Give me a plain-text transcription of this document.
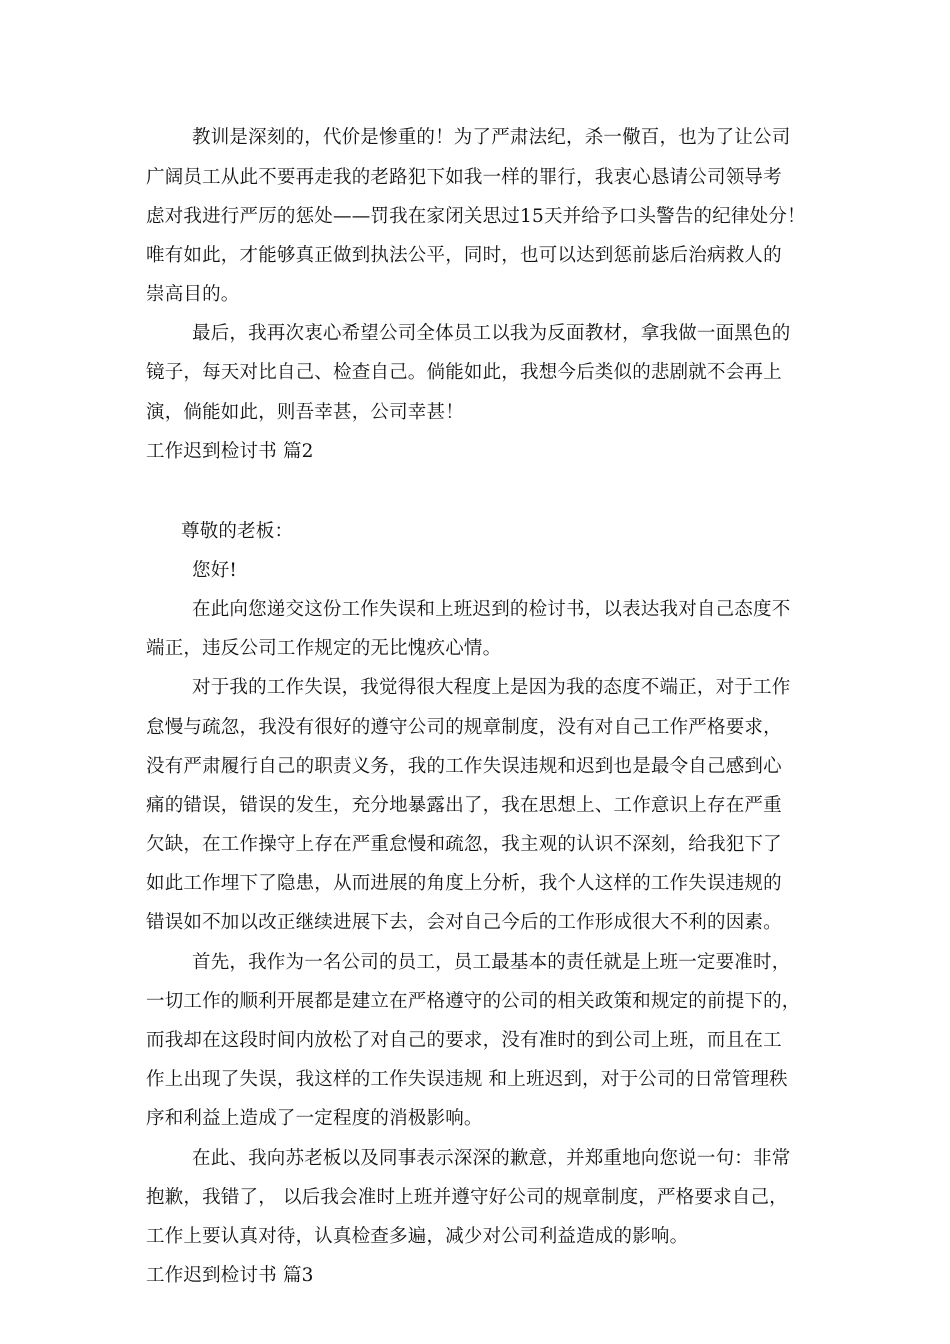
教训是深刻的，代价是惨重的！为了严肃法纪，杀一儆百，也为了让公司
广阔员工从此不要再走我的老路犯下如我一样的罪行，我衷心恳请公司领导考
虑对我进行严厉的惩处——罚我在家闭关思过15天并给予口头警告的纪律处分！
唯有如此，才能够真正做到执法公平，同时，也可以达到惩前毖后治病救人的
崇高目的。
最后，我再次衷心希望公司全体员工以我为反面教材，拿我做一面黑色的
镜子，每天对比自己、检查自己。倘能如此，我想今后类似的悲剧就不会再上
演，倘能如此，则吾幸甚，公司幸甚！
工作迟到检讨书 篇2
尊敬的老板：
您好!
在此向您递交这份工作失误和上班迟到的检讨书，以表达我对自己态度不
端正，违反公司工作规定的无比愧疚心情。
对于我的工作失误，我觉得很大程度上是因为我的态度不端正，对于工作
怠慢与疏忽，我没有很好的遵守公司的规章制度，没有对自己工作严格要求，
没有严肃履行自己的职责义务，我的工作失误违规和迟到也是最令自己感到心
痛的错误，错误的发生，充分地暴露出了，我在思想上、工作意识上存在严重
欠缺，在工作操守上存在严重怠慢和疏忽，我主观的认识不深刻，给我犯下了
如此工作埋下了隐患，从而进展的角度上分析，我个人这样的工作失误违规的
错误如不加以改正继续进展下去，会对自己今后的工作形成很大不利的因素。
首先，我作为一名公司的员工，员工最基本的责任就是上班一定要准时，
一切工作的顺利开展都是建立在严格遵守的公司的相关政策和规定的前提下的，
而我却在这段时间内放松了对自己的要求，没有准时的到公司上班，而且在工
作上出现了失误，我这样的工作失误违规 和上班迟到，对于公司的日常管理秩
序和利益上造成了一定程度的消极影响。
在此、我向苏老板以及同事表示深深的歉意，并郑重地向您说一句：非常
抱歉，我错了， 以后我会准时上班并遵守好公司的规章制度，严格要求自己，
工作上要认真对待，认真检查多遍，减少对公司利益造成的影响。
工作迟到检讨书 篇3
